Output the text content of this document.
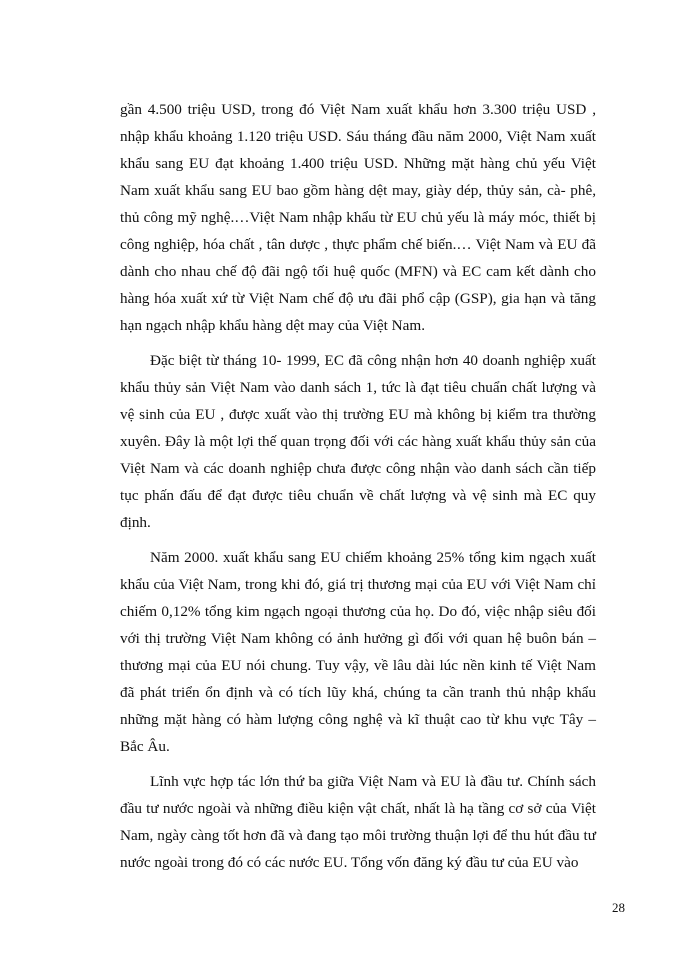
gần 4.500 triệu USD, trong đó Việt Nam xuất khẩu hơn 3.300 triệu USD , nhập khẩu khoảng 1.120 triệu USD. Sáu tháng đầu năm 2000, Việt Nam xuất khẩu sang EU đạt khoảng 1.400 triệu USD. Những mặt hàng chủ yếu Việt Nam xuất khẩu sang EU bao gồm hàng dệt may, giày dép, thủy sản, cà- phê, thủ công mỹ nghệ.…Việt Nam nhập khẩu từ EU chủ yếu là máy móc, thiết bị công nghiệp, hóa chất , tân dược , thực phẩm chế biến.… Việt Nam và EU đã dành cho nhau chế độ đãi ngộ tối huệ quốc (MFN) và EC cam kết dành cho hàng hóa xuất xứ từ Việt Nam chế độ ưu đãi phổ cập (GSP), gia hạn và tăng hạn ngạch nhập khẩu hàng dệt may của Việt Nam.

Đặc biệt từ tháng 10- 1999, EC đã công nhận hơn 40 doanh nghiệp xuất khẩu thủy sản Việt Nam vào danh sách 1, tức là đạt tiêu chuẩn chất lượng và vệ sinh của EU , được xuất vào thị trường EU mà không bị kiểm tra thường xuyên. Đây là một lợi thế quan trọng đối với các hàng xuất khẩu thủy sản của Việt Nam và các doanh nghiệp chưa được công nhận vào danh sách cần tiếp tục phấn đấu để đạt được tiêu chuẩn về chất lượng và vệ sinh mà EC quy định.

Năm 2000. xuất khẩu sang EU chiếm khoảng 25% tổng kim ngạch xuất khẩu của Việt Nam, trong khi đó, giá trị thương mại của EU với Việt Nam chỉ chiếm 0,12% tổng kim ngạch ngoại thương của họ. Do đó, việc nhập siêu đối với thị trường Việt Nam không có ảnh hưởng gì đối với quan hệ buôn bán – thương mại của EU nói chung. Tuy vậy, về lâu dài lúc nền kinh tế Việt Nam đã phát triển ổn định và có tích lũy khá, chúng ta cần tranh thủ nhập khẩu những mặt hàng có hàm lượng công nghệ và kĩ thuật cao từ khu vực Tây – Bắc Âu.

Lĩnh vực hợp tác lớn thứ ba giữa Việt Nam và EU là đầu tư. Chính sách đầu tư nước ngoài và những điều kiện vật chất, nhất là hạ tầng cơ sở của Việt Nam, ngày càng tốt hơn đã và đang tạo môi trường thuận lợi để thu hút đầu tư nước ngoài trong đó có các nước EU. Tổng vốn đăng ký đầu tư của EU vào

28
